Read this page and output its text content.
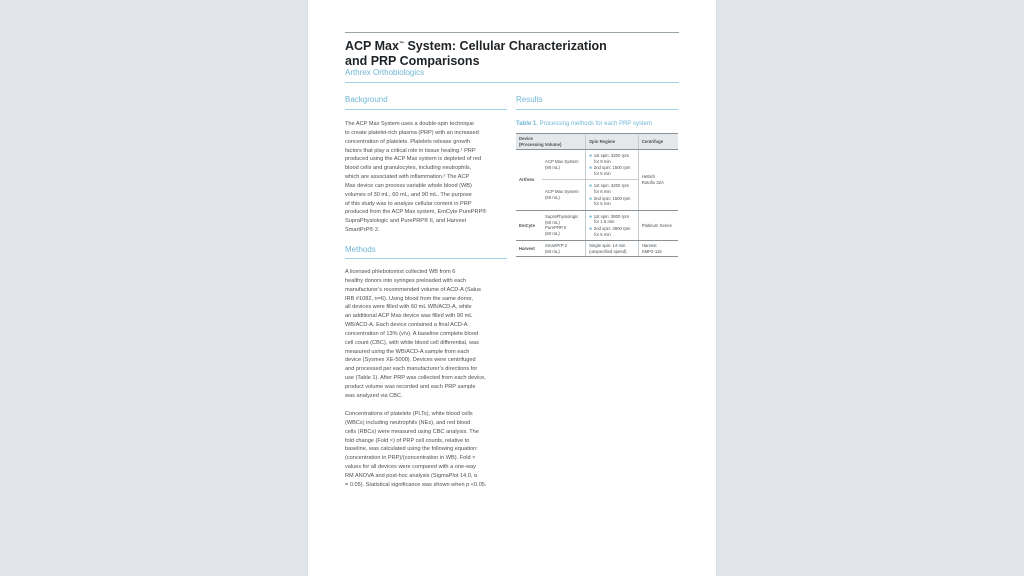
ACP Max™ System: Cellular Characterization
and PRP Comparisons
Arthrex Orthobiologics
Background
The ACP Max System uses a double-spin technique
to create platelet-rich plasma (PRP) with an increased
concentration of platelets. Platelets release growth
factors that play a critical role in tissue healing.¹ PRP
produced using the ACP Max system is depleted of red
blood cells and granulocytes, including neutrophils,
which are associated with inflammation.² The ACP
Max device can process variable whole blood (WB)
volumes of 30 mL, 60 mL, and 90 mL. The purpose
of this study was to analyze cellular content in PRP
produced from the ACP Max system, EmCyte PurePRP®
SupraPhysiologic and PurePRP® II, and Harvest
SmartPrP® 2.
Methods
A licensed phlebotomist collected WB from 6
healthy donors into syringes preloaded with each
manufacturer’s recommended volume of ACD-A (Salus
IRB #1082, n=6). Using blood from the same donor,
all devices were filled with 60 mL WB/ACD-A, while
an additional ACP Max device was filled with 90 mL
WB/ACD-A. Each device contained a final ACD-A
concentration of 13% (v/v). A baseline complete blood
cell count (CBC), with white blood cell differential, was
measured using the WB/ACD-A sample from each
device (Sysmex XE-5000). Devices were centrifuged
and processed per each manufacturer’s directions for
use (Table 1). After PRP was collected from each device,
product volume was recorded and each PRP sample
was analyzed via CBC.
Concentrations of platelets (PLTs), white blood cells
(WBCs) including neutrophils (NEs), and red blood
cells (RBCs) were measured using CBC analysis. The
fold change (Fold ×) of PRP cell counts, relative to
baseline, was calculated using the following equation:
(concentration in PRP)/(concentration in WB). Fold ×
values for all devices were compared with a one-way
RM ANOVA and post-hoc analysis (SigmaPlot 14.0, α
= 0.05). Statistical significance was shown when p <0.05.
Results
Table 1. Processing methods for each PRP system
Device
(Processing Volume)		Spin Regime	Centrifuge
Arthrex	ACP Max System
(90 mL)	■ 1st spin: 3200 rpm
for 9 min
■ 2nd spin: 1500 rpm
for 5 min	Hettich
Rotofix 32A
	ACP Max System
(60 mL)	■ 1st spin: 3200 rpm
for 6 min
■ 2nd spin: 1500 rpm
for 5 min	

EmCyte	SupraPhysiologic
(60 mL)
PurePRP II
(60 mL)	■ 1st spin: 3800 rpm
for 1.5 min
■ 2nd spin: 3800 rpm
for 5 min	Platinum Series
Harvest	SmartPrP 2
(60 mL)	Single spin: 14 min
(unspecified speed)	Harvest
SMP2-115
